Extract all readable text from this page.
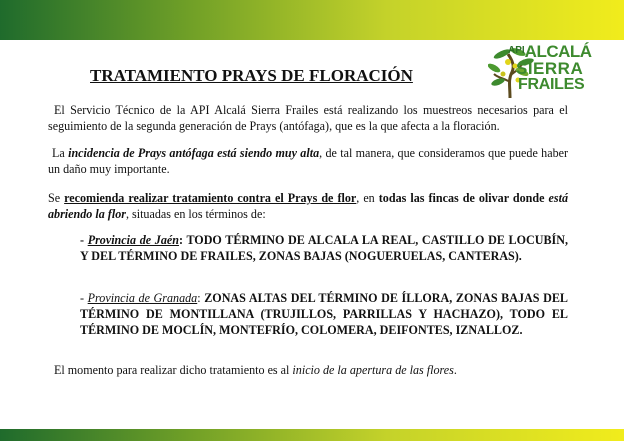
$^{API}$ALCALÁ
SIERRA
FRAILES
TRATAMIENTO PRAYS DE FLORACIÓN

El Servicio Técnico de la API Alcalá Sierra Frailes está realizando los muestreos necesarios para el seguimiento de la segunda generación de Prays (antófaga), que es la que afecta a la floración.

La incidencia de Prays antófaga está siendo muy alta, de tal manera, que consideramos que puede haber un daño muy importante.

Se recomienda realizar tratamiento contra el Prays de flor, en todas las fincas de olivar donde está abriendo la flor, situadas en los términos de:

- Provincia de Jaén: TODO TÉRMINO DE ALCALA LA REAL, CASTILLO DE LOCUBÍN, Y DEL TÉRMINO DE FRAILES, ZONAS BAJAS (NOGUERUELAS, CANTERAS).

- Provincia de Granada: ZONAS ALTAS DEL TÉRMINO DE ÍLLORA, ZONAS BAJAS DEL TÉRMINO DE MONTILLANA (TRUJILLOS, PARRILLAS Y HACHAZO), TODO EL TÉRMINO DE MOCLÍN, MONTEFRÍO, COLOMERA, DEIFONTES, IZNALLOZ.

El momento para realizar dicho tratamiento es al inicio de la apertura de las flores.
